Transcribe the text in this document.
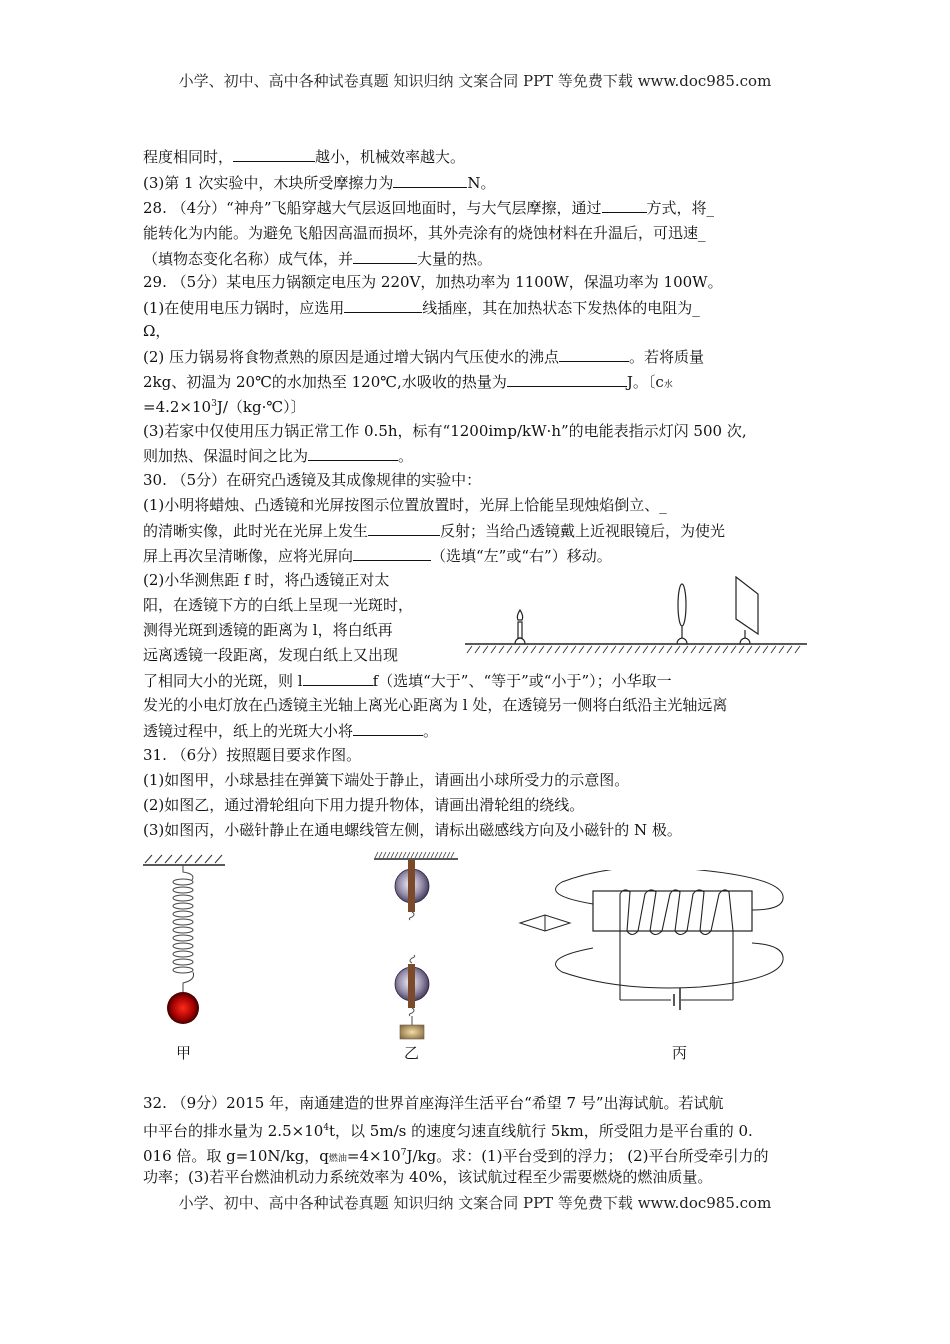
小学、初中、高中各种试卷真题 知识归纳 文案合同 PPT 等免费下载 www.doc985.com
程度相同时，	越小，机械效率越大。
(3)第 1 次实验中，木块所受摩擦力为	N。
28. （4分）“神舟”飞船穿越大气层返回地面时，与大气层摩擦，通过	方式，将_
能转化为内能。为避免飞船因高温而损坏，其外壳涂有的烧蚀材料在升温后，可迅速_
（填物态变化名称）成气体，并	大量的热。
29. （5分）某电压力锅额定电压为 220V，加热功率为 1100W，保温功率为 100W。
(1)在使用电压力锅时，应选用	线插座，其在加热状态下发热体的电阻为_
Ω，
(2) 压力锅易将食物煮熟的原因是通过增大锅内气压使水的沸点	。若将质量
2kg、初温为 20℃的水加热至 120℃,水吸收的热量为	J。〔c水
$=4.2\times 10^3J/(kg\cdot℃)$〕
(3)若家中仅使用压力锅正常工作 0.5h，标有“1200imp/kW·h”的电能表指示灯闪 500 次,
则加热、保温时间之比为	。
30. （5分）在研究凸透镜及其成像规律的实验中：
(1)小明将蜡烛、凸透镜和光屏按图示位置放置时，光屏上恰能呈现烛焰倒立、_
的清晰实像，此时光在光屏上发生	反射；当给凸透镜戴上近视眼镜后，为使光
屏上再次呈清晰像，应将光屏向	（选填“左”或“右”）移动。
(2)小华测焦距 f 时，将凸透镜正对太
阳，在透镜下方的白纸上呈现一光斑时，
测得光斑到透镜的距离为 l，将白纸再
远离透镜一段距离，发现白纸上又出现
了相同大小的光斑，则 l	f（选填“大于”、“等于”或“小于”）；小华取一
发光的小电灯放在凸透镜主光轴上离光心距离为 l 处，在透镜另一侧将白纸沿主光轴远离
透镜过程中，纸上的光斑大小将	。
31. （6分）按照题目要求作图。
(1)如图甲，小球悬挂在弹簧下端处于静止，请画出小球所受力的示意图。
(2)如图乙，通过滑轮组向下用力提升物体，请画出滑轮组的绕线。
(3)如图丙，小磁针静止在通电螺线管左侧，请标出磁感线方向及小磁针的 N 极。
甲	乙	丙
32. （9分）2015 年，南通建造的世界首座海洋生活平台“希望 7 号”出海试航。若试航
中平台的排水量为 $2.5\times 10^4t$，以 5m/s 的速度匀速直线航行 5km，所受阻力是平台重的 0.
016 倍。取 g=10N/kg，q燃油$=4\times 10^7J/kg$。求：(1)平台受到的浮力； (2)平台所受牵引力的
功率；(3)若平台燃油机动力系统效率为 40%，该试航过程至少需要燃烧的燃油质量。
小学、初中、高中各种试卷真题 知识归纳 文案合同 PPT 等免费下载 www.doc985.com
